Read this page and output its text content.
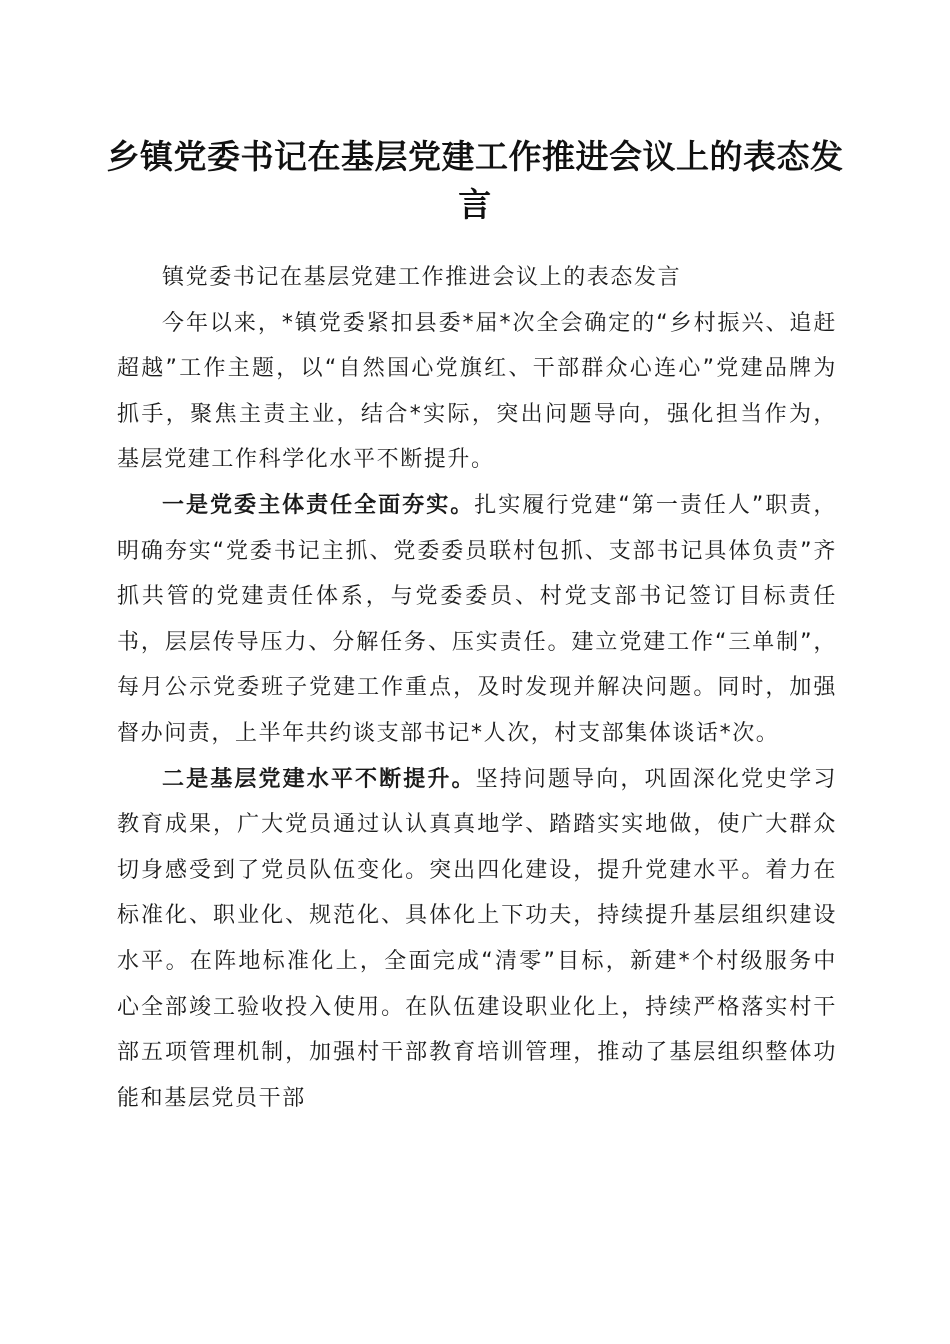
乡镇党委书记在基层党建工作推进会议上的表态发言

镇党委书记在基层党建工作推进会议上的表态发言

今年以来，*镇党委紧扣县委*届*次全会确定的“乡村振兴、追赶超越”工作主题，以“自然国心党旗红、干部群众心连心”党建品牌为抓手，聚焦主责主业，结合*实际，突出问题导向，强化担当作为，基层党建工作科学化水平不断提升。

一是党委主体责任全面夯实。扎实履行党建“第一责任人”职责，明确夯实“党委书记主抓、党委委员联村包抓、支部书记具体负责”齐抓共管的党建责任体系，与党委委员、村党支部书记签订目标责任书，层层传导压力、分解任务、压实责任。建立党建工作“三单制”，每月公示党委班子党建工作重点，及时发现并解决问题。同时，加强督办问责，上半年共约谈支部书记*人次，村支部集体谈话*次。

二是基层党建水平不断提升。坚持问题导向，巩固深化党史学习教育成果，广大党员通过认认真真地学、踏踏实实地做，使广大群众切身感受到了党员队伍变化。突出四化建设，提升党建水平。着力在标准化、职业化、规范化、具体化上下功夫，持续提升基层组织建设水平。在阵地标准化上，全面完成“清零”目标，新建*个村级服务中心全部竣工验收投入使用。在队伍建设职业化上，持续严格落实村干部五项管理机制，加强村干部教育培训管理，推动了基层组织整体功能和基层党员干部
